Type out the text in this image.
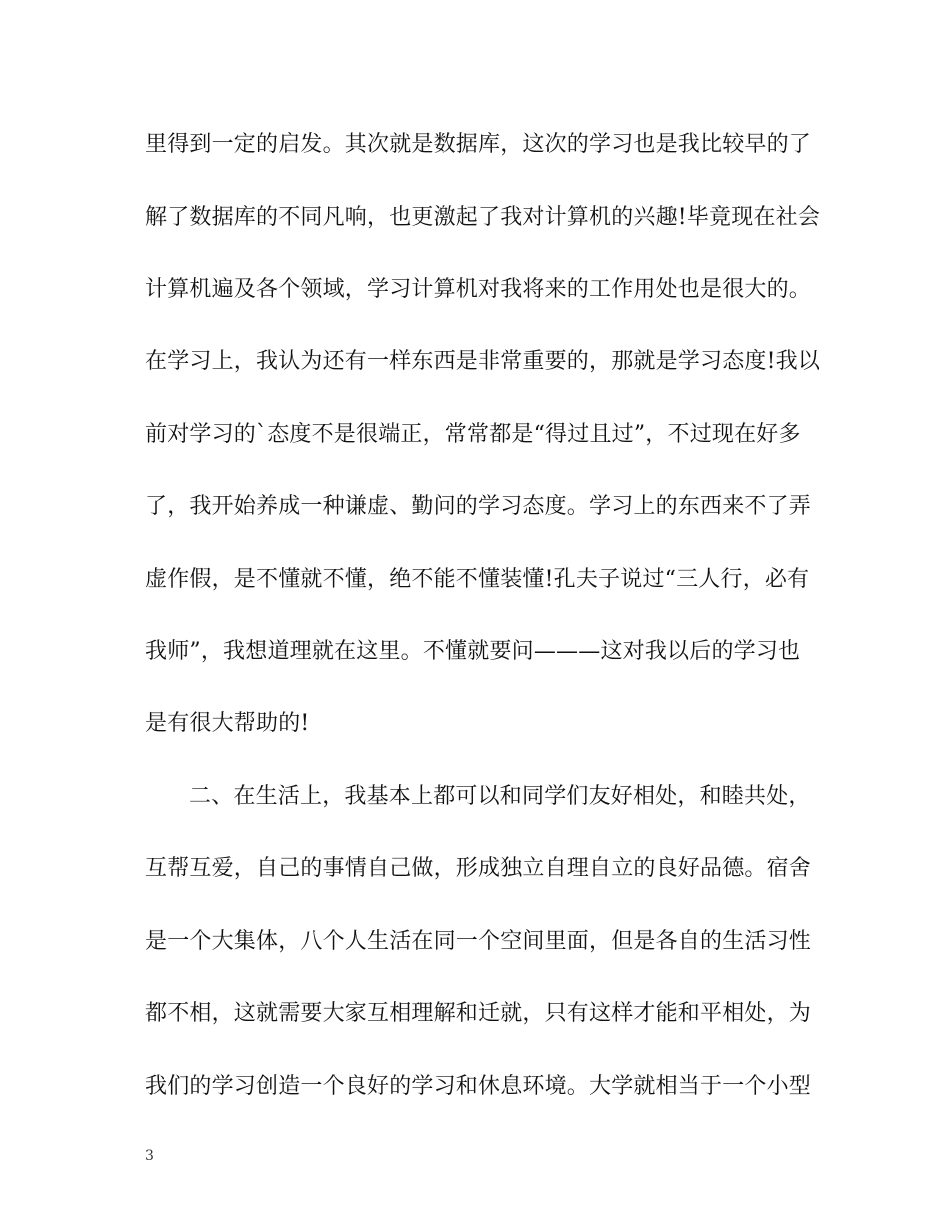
里得到一定的启发。其次就是数据库，这次的学习也是我比较早的了
解了数据库的不同凡响，也更激起了我对计算机的兴趣!毕竟现在社会
计算机遍及各个领域，学习计算机对我将来的工作用处也是很大的。
在学习上，我认为还有一样东西是非常重要的，那就是学习态度!我以
前对学习的`态度不是很端正，常常都是“得过且过”，不过现在好多
了，我开始养成一种谦虚、勤问的学习态度。学习上的东西来不了弄
虚作假，是不懂就不懂，绝不能不懂装懂!孔夫子说过“三人行，必有
我师”，我想道理就在这里。不懂就要问———这对我以后的学习也
是有很大帮助的!
二、在生活上，我基本上都可以和同学们友好相处，和睦共处，
互帮互爱，自己的事情自己做，形成独立自理自立的良好品德。宿舍
是一个大集体，八个人生活在同一个空间里面，但是各自的生活习性
都不相，这就需要大家互相理解和迁就，只有这样才能和平相处，为
我们的学习创造一个良好的学习和休息环境。大学就相当于一个小型
3
